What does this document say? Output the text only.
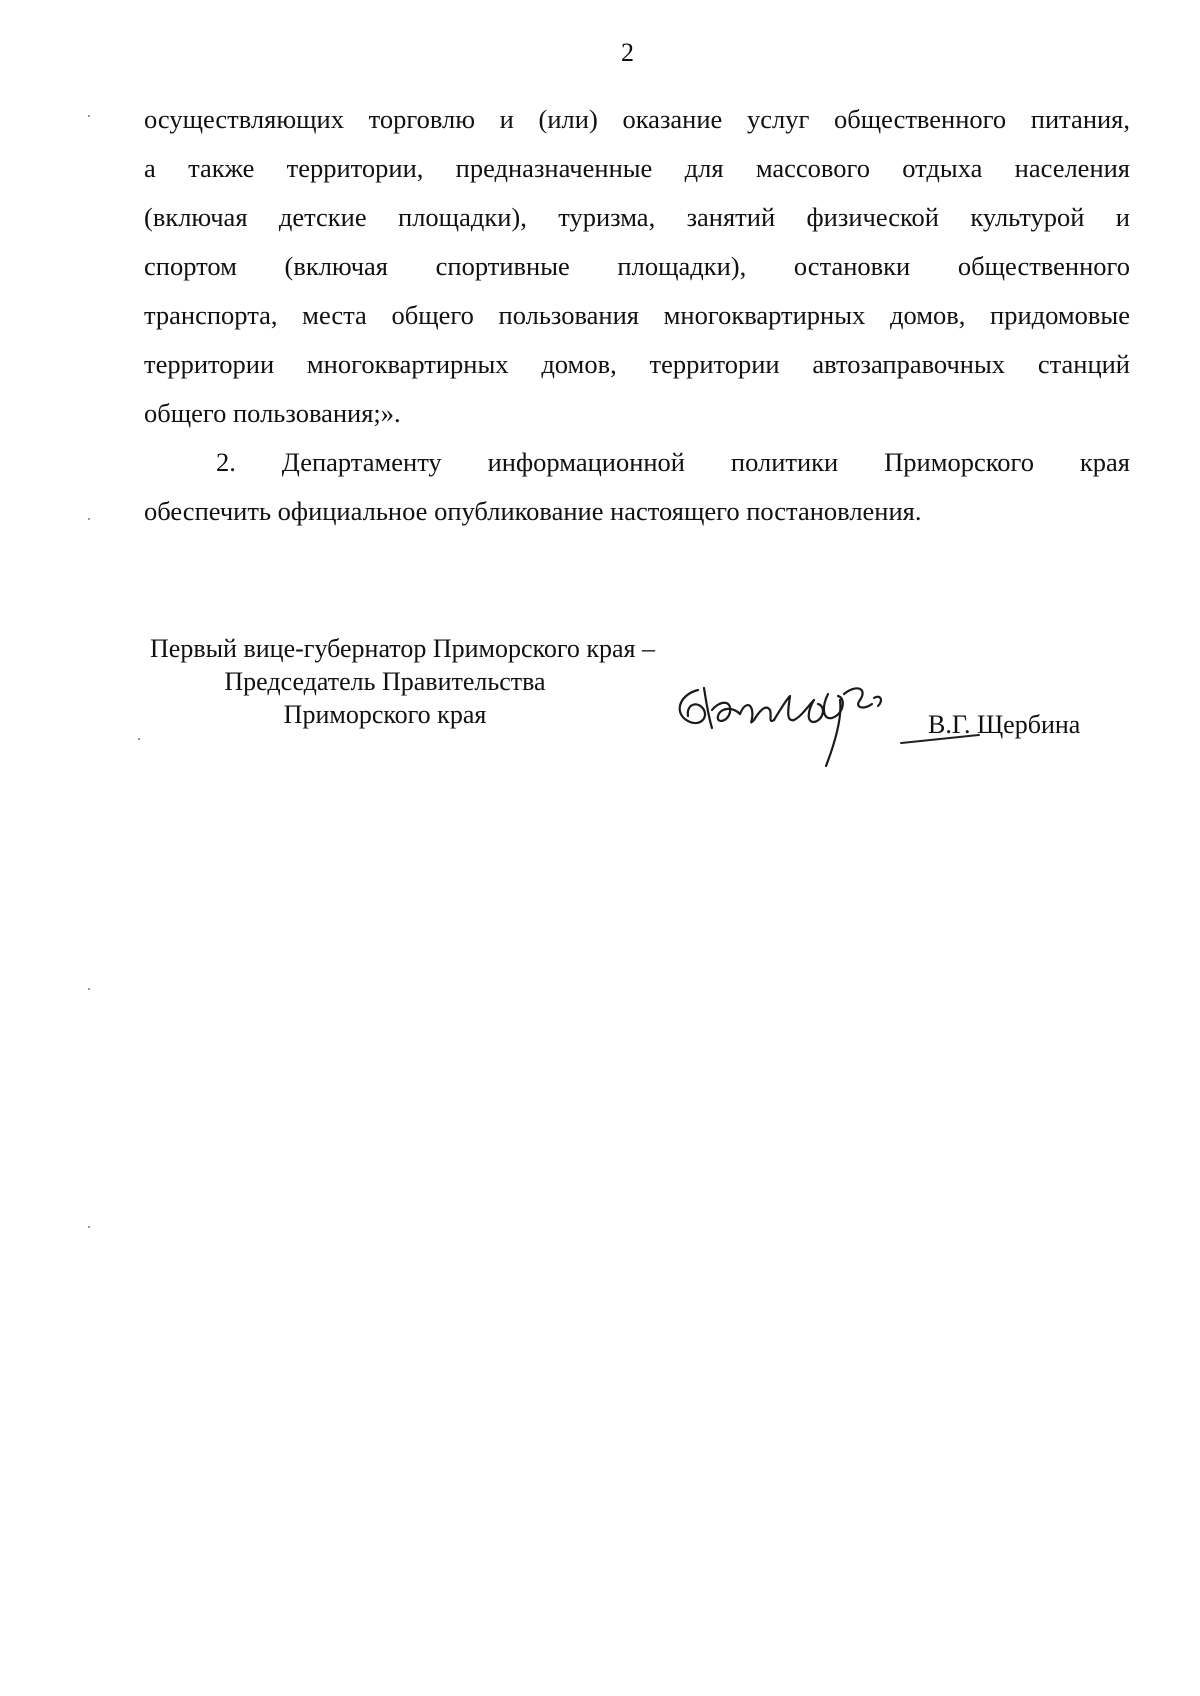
2
осуществляющих торговлю и (или) оказание услуг общественного питания,
а также территории, предназначенные для массового отдыха населения
(включая детские площадки), туризма, занятий физической культурой и
спортом (включая спортивные площадки), остановки общественного
транспорта, места общего пользования многоквартирных домов, придомовые
территории многоквартирных домов, территории автозаправочных станций
общего пользования;».
2. Департаменту информационной политики Приморского края
обеспечить официальное опубликование настоящего постановления.
Первый вице-губернатор Приморского края –
Председатель Правительства
Приморского края	В.Г. Щербина
